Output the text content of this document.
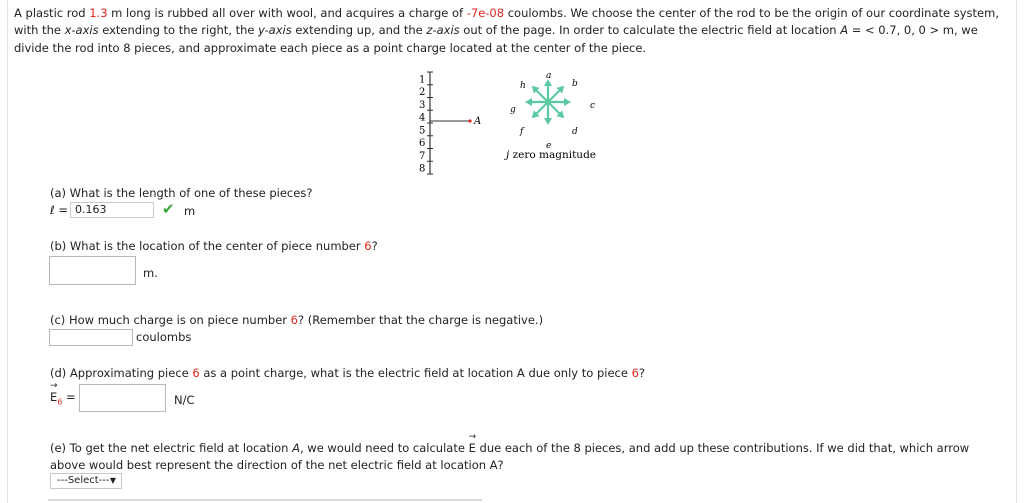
A plastic rod 1.3 m long is rubbed all over with wool, and acquires a charge of -7e-08 coulombs. We choose the center of the rod to be the origin of our coordinate system, with the x-axis extending to the right, the y-axis extending up, and the z-axis out of the page. In order to calculate the electric field at location A = < 0.7, 0, 0 > m, we divide the rod into 8 pieces, and approximate each piece as a point charge located at the center of the piece.
1
2
3
4
5
6
7
8
A
a
b
c
d
e
f
g
h
j zero magnitude
(a) What is the length of one of these pieces?
ℓ = 0.163	✔ m
(b) What is the location of the center of piece number 6?
m.
(c) How much charge is on piece number 6? (Remember that the charge is negative.)
coulombs
(d) Approximating piece 6 as a point charge, what is the electric field at location A due only to piece 6?
→
$E_6$ =	N/C
(e) To get the net electric field at location A, we would need to calculate
→
E due each of the 8 pieces, and add up these contributions. If we did that, which arrow
above would best represent the direction of the net electric field at location A?
---Select--- ▼
